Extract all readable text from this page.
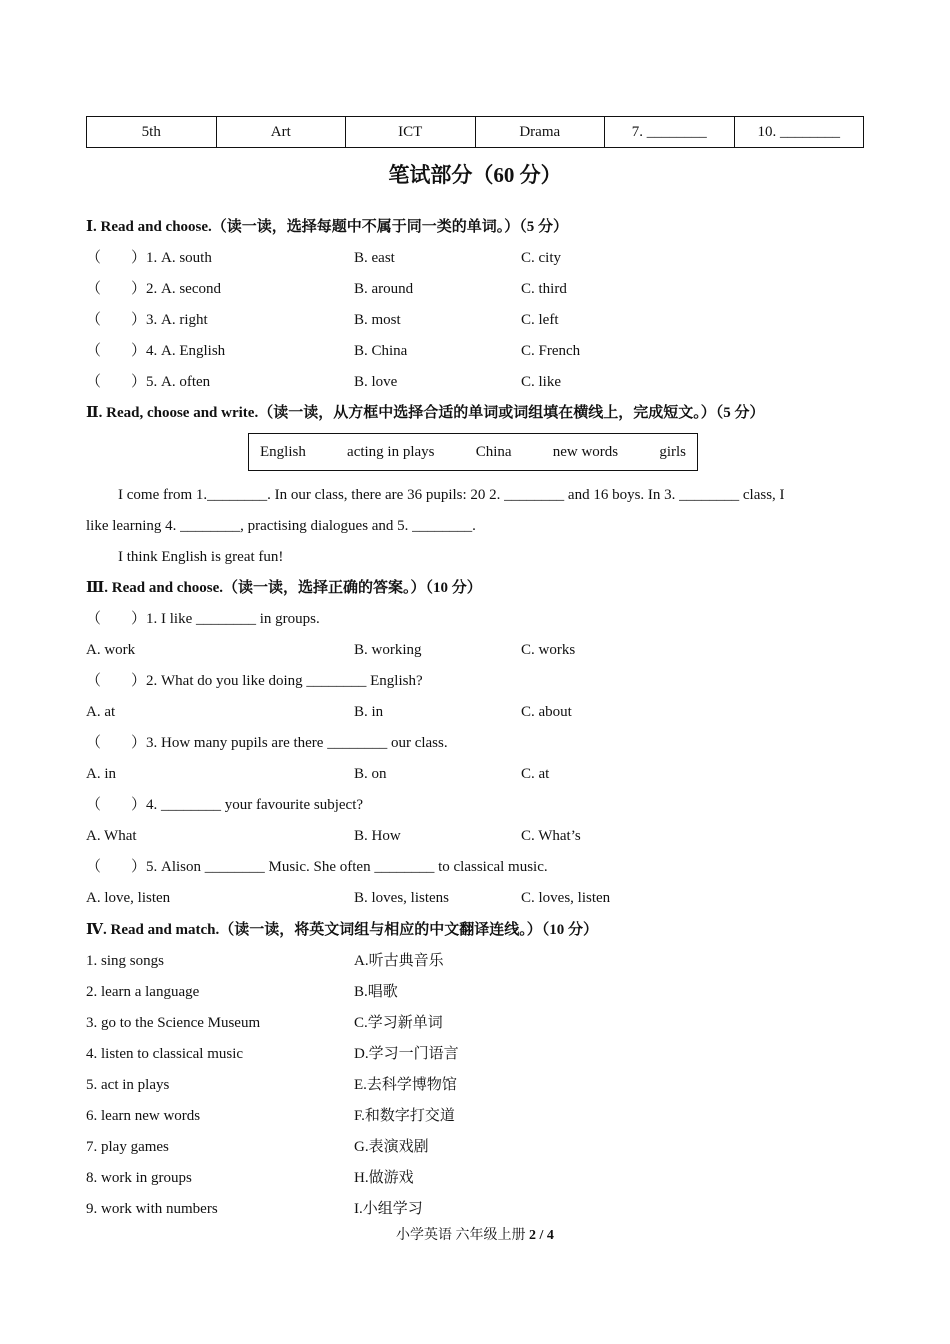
5th	Art	ICT	Drama	7. ________	10. ________
笔试部分（60 分）
Ⅰ. Read and choose.（读一读，选择每题中不属于同一类的单词。）（5 分）
（　　）1. A. south	B. east	C. city
（　　）2. A. second	B. around	C. third
（　　）3. A. right	B. most	C. left
（　　）4. A. English	B. China	C. French
（　　）5. A. often	B. love	C. like
Ⅱ. Read, choose and write.（读一读，从方框中选择合适的单词或词组填在横线上，完成短文。）（5 分）
English	acting in plays	China	new words	girls
I come from 1.________. In our class, there are 36 pupils: 20 2. ________ and 16 boys. In 3. ________ class, I
like learning 4. ________, practising dialogues and 5. ________.
I think English is great fun!
Ⅲ. Read and choose.（读一读，选择正确的答案。）（10 分）
（　　）1. I like ________ in groups.
A. work	B. working	C. works
（　　）2. What do you like doing ________ English?
A. at	B. in	C. about
（　　）3. How many pupils are there ________ our class.
A. in	B. on	C. at
（　　）4. ________ your favourite subject?
A. What	B. How	C. What’s
（　　）5. Alison ________ Music. She often ________ to classical music.
A. love, listen	B. loves, listens	C. loves, listen
Ⅳ. Read and match.（读一读，将英文词组与相应的中文翻译连线。）（10 分）
1. sing songs	A.听古典音乐
2. learn a language	B.唱歌
3. go to the Science Museum	C.学习新单词
4. listen to classical music	D.学习一门语言
5. act in plays	E.去科学博物馆
6. learn new words	F.和数字打交道
7. play games	G.表演戏剧
8. work in groups	H.做游戏
9. work with numbers	I.小组学习
小学英语 六年级上册 2 / 4
